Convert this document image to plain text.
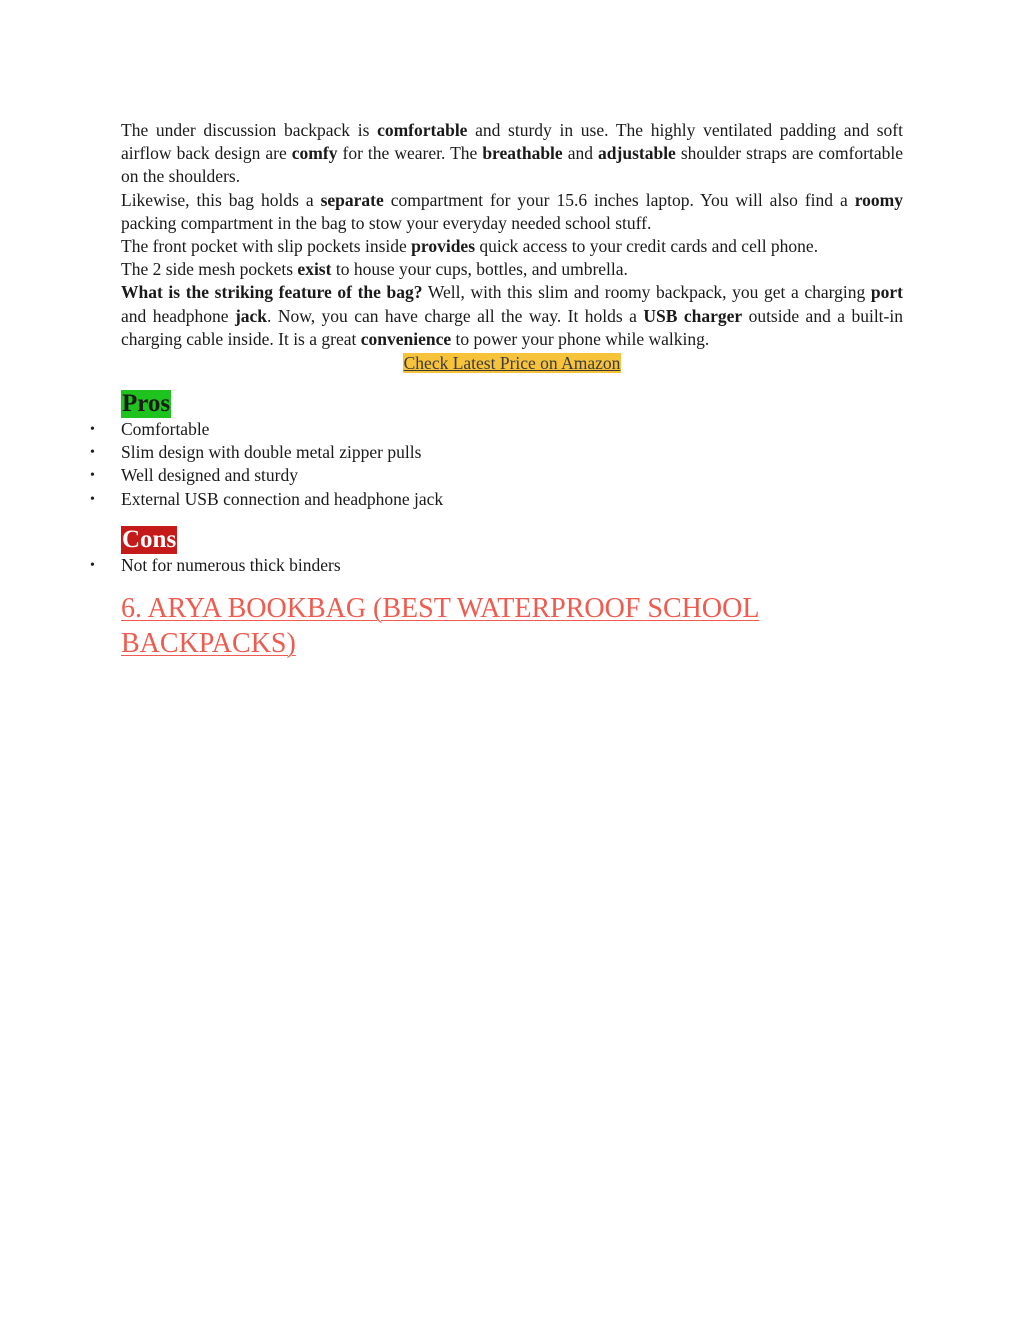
The under discussion backpack is comfortable and sturdy in use. The highly ventilated padding and soft airflow back design are comfy for the wearer. The breathable and adjustable shoulder straps are comfortable on the shoulders.

Likewise, this bag holds a separate compartment for your 15.6 inches laptop. You will also find a roomy packing compartment in the bag to stow your everyday needed school stuff.

The front pocket with slip pockets inside provides quick access to your credit cards and cell phone.

The 2 side mesh pockets exist to house your cups, bottles, and umbrella.

What is the striking feature of the bag? Well, with this slim and roomy backpack, you get a charging port and headphone jack. Now, you can have charge all the way. It holds a USB charger outside and a built-in charging cable inside. It is a great convenience to power your phone while walking.

Check Latest Price on Amazon
Pros
• Comfortable
• Slim design with double metal zipper pulls
• Well designed and sturdy
• External USB connection and headphone jack
Cons
• Not for numerous thick binders
6. ARYA BOOKBAG (BEST WATERPROOF SCHOOL BACKPACKS)
